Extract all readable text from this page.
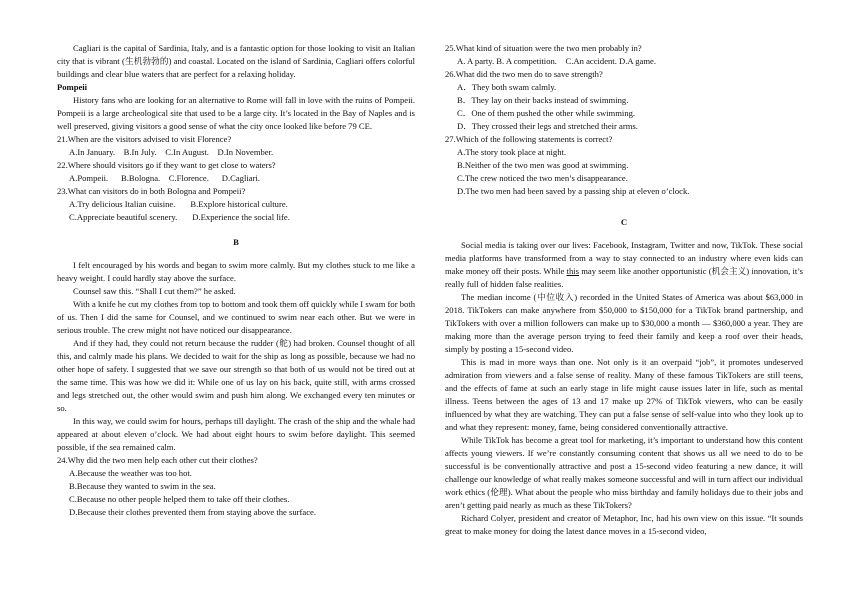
Cagliari is the capital of Sardinia, Italy, and is a fantastic option for those looking to visit an Italian city that is vibrant (生机勃勃的) and coastal. Located on the island of Sardinia, Cagliari offers colorful buildings and clear blue waters that are perfect for a relaxing holiday.

Pompeii

History fans who are looking for an alternative to Rome will fall in love with the ruins of Pompeii. Pompeii is a large archeological site that used to be a large city. It’s located in the Bay of Naples and is well preserved, giving visitors a good sense of what the city once looked like before 79 CE.

21.When are the visitors advised to visit Florence?

A.In January.    B.In July.    C.In August.    D.In November.

22.Where should visitors go if they want to get close to waters?

A.Pompeii.      B.Bologna.    C.Florence.      D.Cagliari.

23.What can visitors do in both Bologna and Pompeii?

A.Try delicious Italian cuisine.       B.Explore historical culture.

C.Appreciate beautiful scenery.       D.Experience the social life.

B

I felt encouraged by his words and began to swim more calmly. But my clothes stuck to me like a heavy weight. I could hardly stay above the surface.

Counsel saw this. “Shall I cut them?” he asked.

With a knife he cut my clothes from top to bottom and took them off quickly while I swam for both of us. Then I did the same for Counsel, and we continued to swim near each other. But we were in serious trouble. The crew might not have noticed our disappearance.

And if they had, they could not return because the rudder (舵) had broken. Counsel thought of all this, and calmly made his plans. We decided to wait for the ship as long as possible, because we had no other hope of safety. I suggested that we save our strength so that both of us would not be tired out at the same time. This was how we did it: While one of us lay on his back, quite still, with arms crossed and legs stretched out, the other would swim and push him along. We exchanged every ten minutes or so.

In this way, we could swim for hours, perhaps till daylight. The crash of the ship and the whale had appeared at about eleven o’clock. We had about eight hours to swim before daylight. This seemed possible, if the sea remained calm.

24.Why did the two men help each other cut their clothes?

A.Because the weather was too hot.

B.Because they wanted to swim in the sea.

C.Because no other people helped them to take off their clothes.

D.Because their clothes prevented them from staying above the surface.

25.What kind of situation were the two men probably in?

A. A party. B. A competition.    C.An accident. D.A game.

26.What did the two men do to save strength?

A．They both swam calmly.

B．They lay on their backs instead of swimming.

C．One of them pushed the other while swimming.

D．They crossed their legs and stretched their arms.

27.Which of the following statements is correct?

A.The story took place at night.

B.Neither of the two men was good at swimming.

C.The crew noticed the two men’s disappearance.

D.The two men had been saved by a passing ship at eleven o’clock.

C

Social media is taking over our lives: Facebook, Instagram, Twitter and now, TikTok. These social media platforms have transformed from a way to stay connected to an industry where even kids can make money off their posts. While this may seem like another opportunistic (机会主义) innovation, it’s really full of hidden false realities.

The median income (中位收入) recorded in the United States of America was about $63,000 in 2018. TikTokers can make anywhere from $50,000 to $150,000 for a TikTok brand partnership, and TikTokers with over a million followers can make up to $30,000 a month — $360,000 a year. They are making more than the average person trying to feed their family and keep a roof over their heads, simply by posting a 15-second video.

This is mad in more ways than one. Not only is it an overpaid “job”, it promotes undeserved admiration from viewers and a false sense of reality. Many of these famous TikTokers are still teens, and the effects of fame at such an early stage in life might cause issues later in life, such as mental illness. Teens between the ages of 13 and 17 make up 27% of TikTok viewers, who can be easily influenced by what they are watching. They can put a false sense of self-value into who they look up to and what they represent: money, fame, being considered conventionally attractive.

While TikTok has become a great tool for marketing, it’s important to understand how this content affects young viewers. If we’re constantly consuming content that shows us all we need to do to be successful is be conventionally attractive and post a 15-second video featuring a new dance, it will challenge our knowledge of what really makes someone successful and will in turn affect our individual work ethics (伦理). What about the people who miss birthday and family holidays due to their jobs and aren’t getting paid nearly as much as these TikTokers?

Richard Colyer, president and creator of Metaphor, Inc, had his own view on this issue. “It sounds great to make money for doing the latest dance moves in a 15-second video,
